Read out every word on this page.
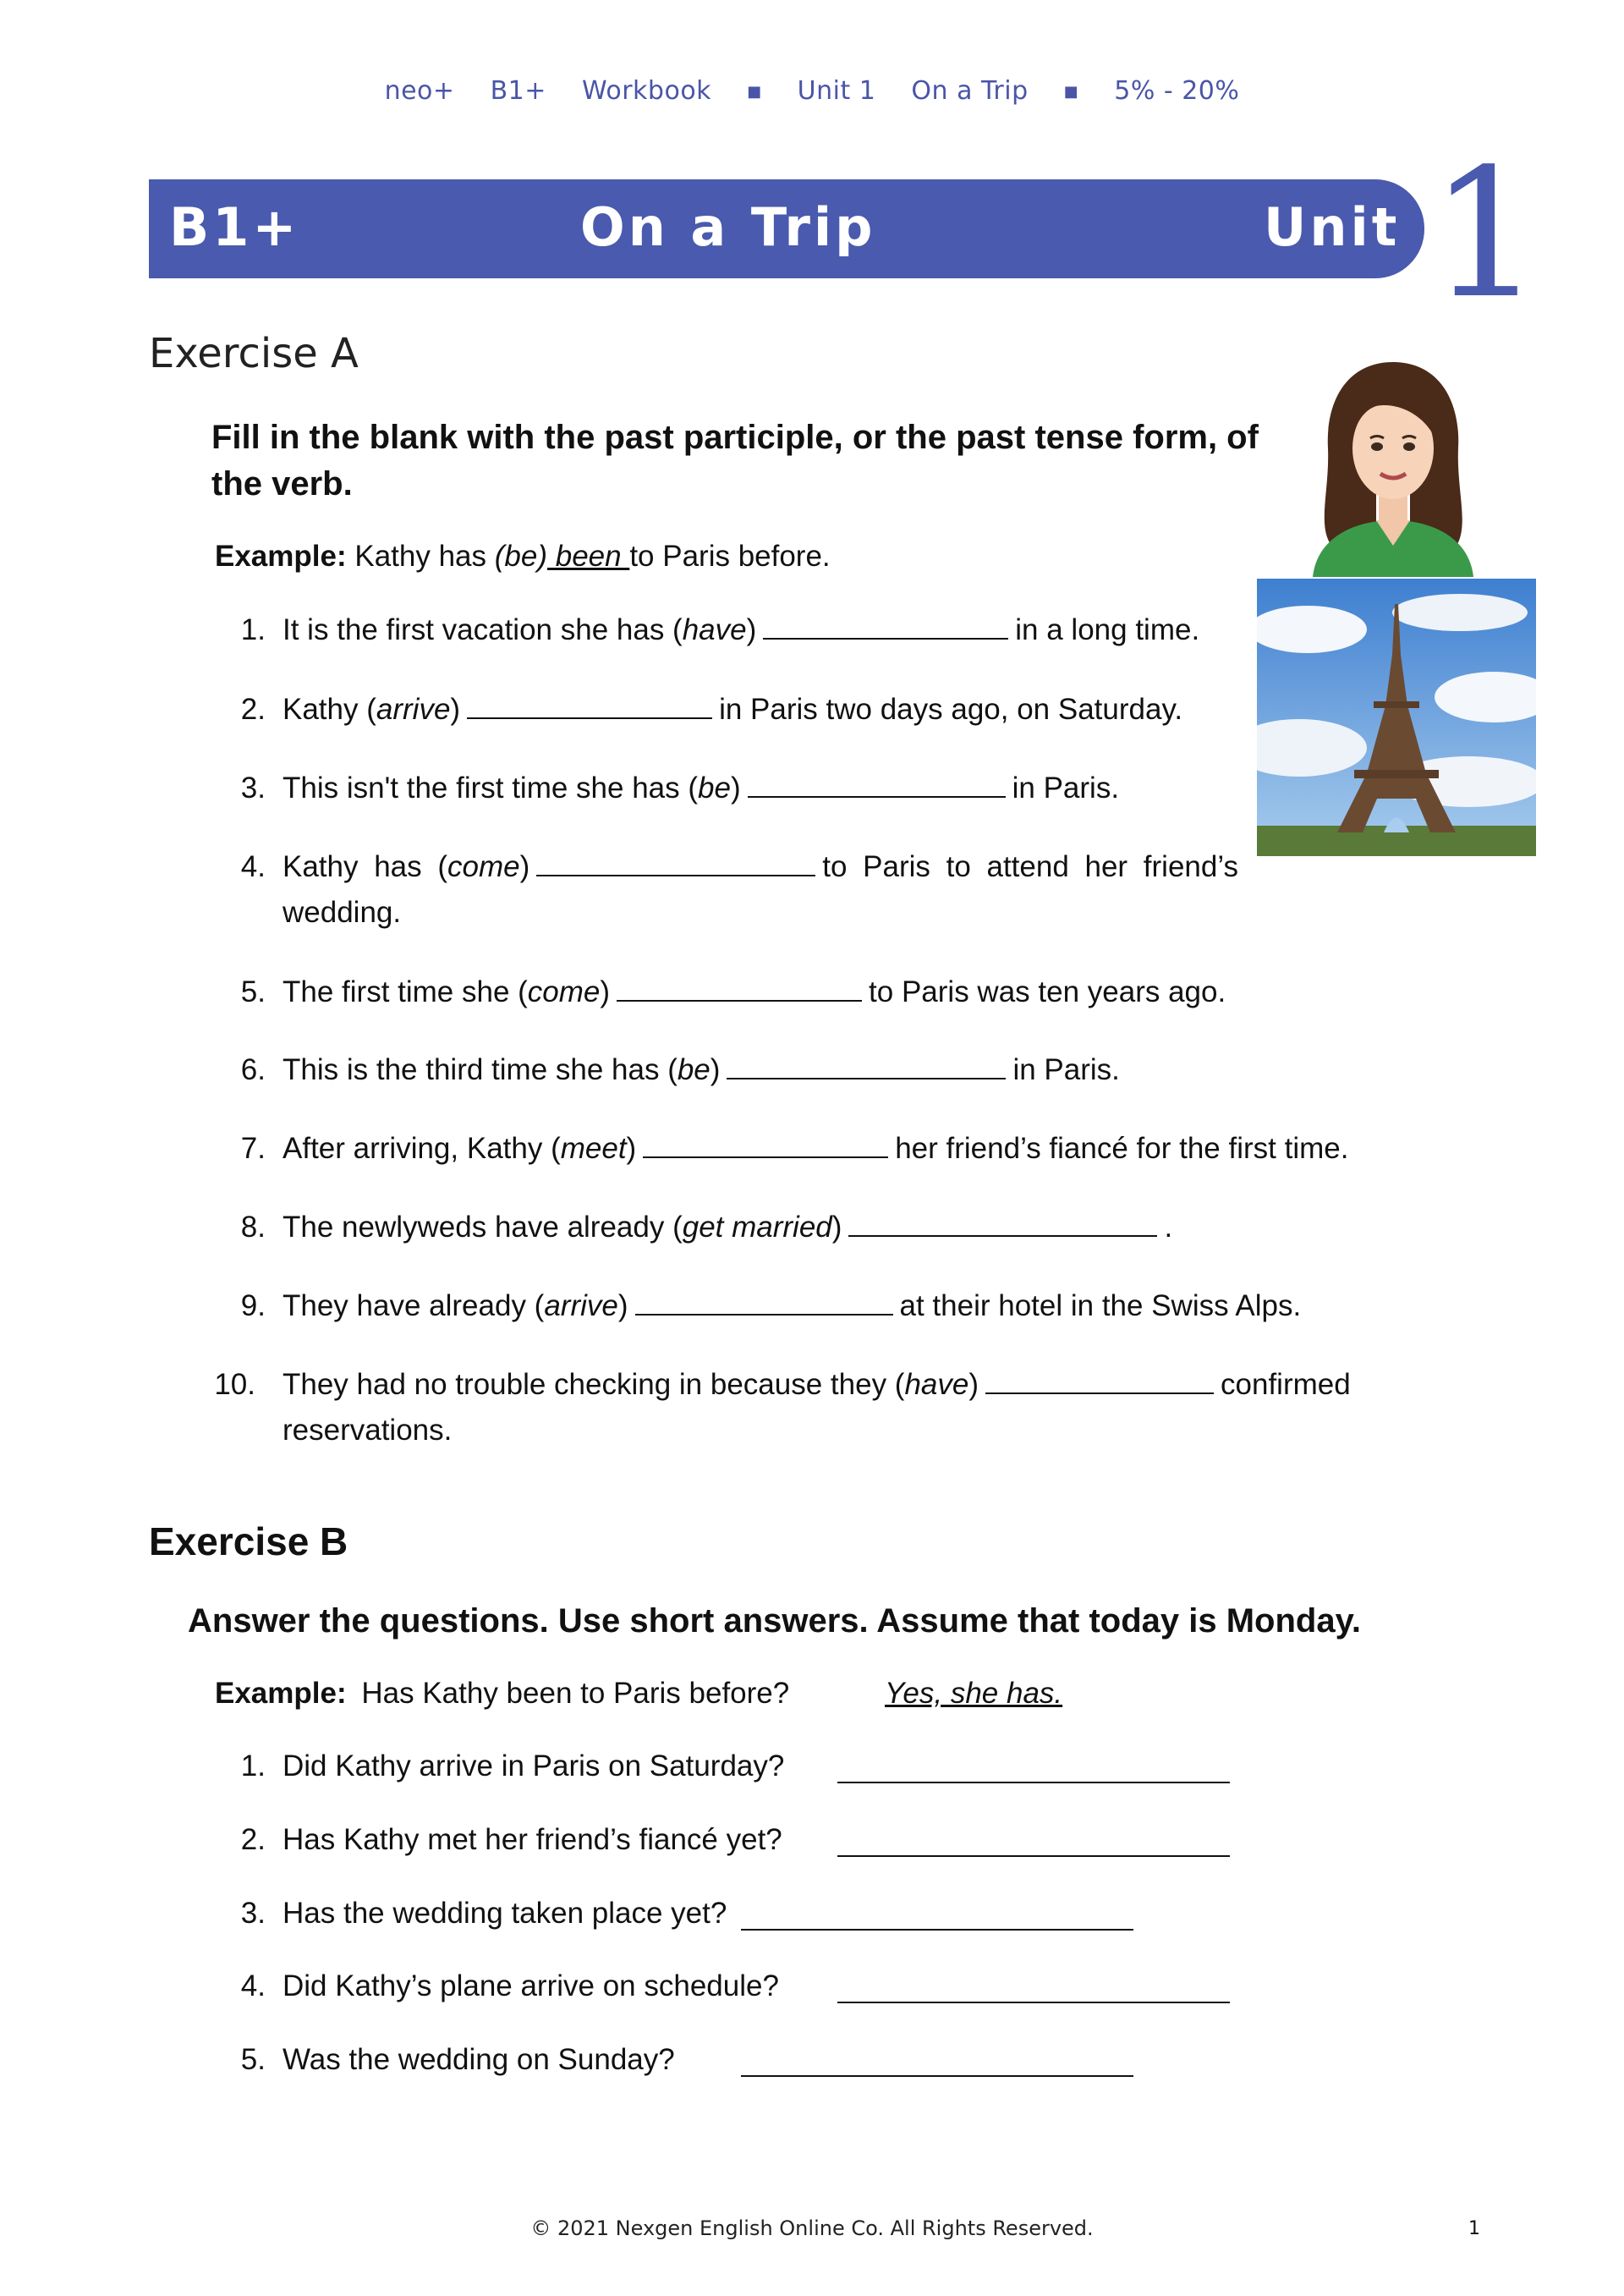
neo+ B1+ Workbook ■ Unit 1 On a Trip ■ 5% - 20%
B1+	On a Trip	Unit 1
Exercise A
Fill in the blank with the past participle, or the past tense form, of the verb.
Example: Kathy has (be) been to Paris before.
1. It is the first vacation she has (have)	in a long time.
2. Kathy (arrive)	in Paris two days ago, on Saturday.
3. This isn't the first time she has (be)	in Paris.
4. Kathy has (come)	to Paris to attend her friend’s
wedding.
5. The first time she (come)	to Paris was ten years ago.
6. This is the third time she has (be)	in Paris.
7. After arriving, Kathy (meet)	her friend’s fiancé for the first time.
8. The newlyweds have already (get married)	.
9. They have already (arrive)	at their hotel in the Swiss Alps.
10. They had no trouble checking in because they (have)	confirmed
reservations.
Exercise B
Answer the questions. Use short answers. Assume that today is Monday.
Example: Has Kathy been to Paris before?	Yes, she has.
1. Did Kathy arrive in Paris on Saturday?
2. Has Kathy met her friend’s fiancé yet?
3. Has the wedding taken place yet?
4. Did Kathy’s plane arrive on schedule?
5. Was the wedding on Sunday?
© 2021 Nexgen English Online Co. All Rights Reserved.	1
